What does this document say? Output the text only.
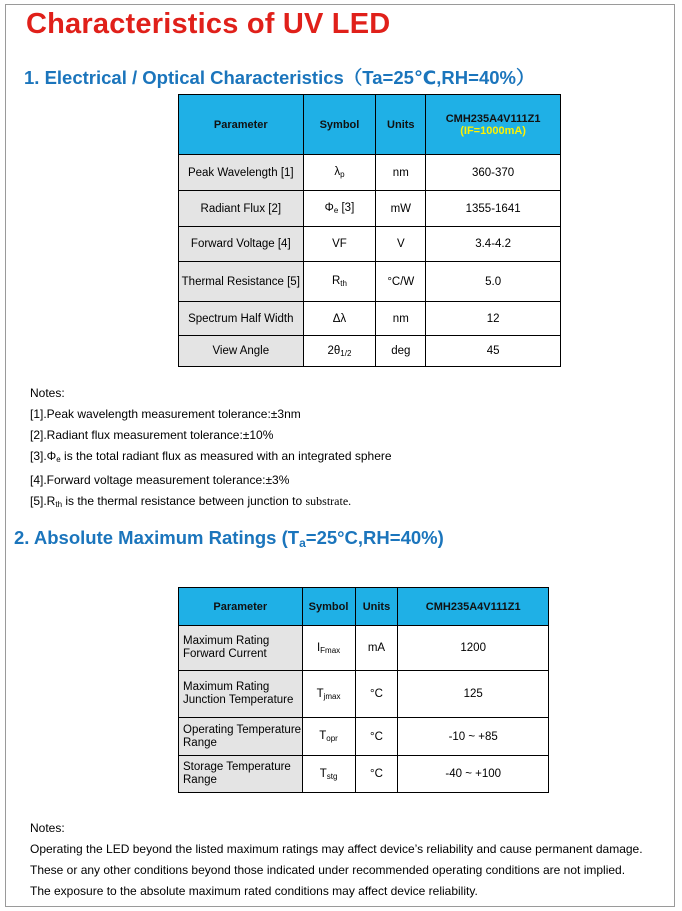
Characteristics of UV LED
1. Electrical / Optical Characteristics（Ta=25℃,RH=40%）
Parameter	Symbol	Units	CMH235A4V111Z1
(IF=1000mA)

Peak Wavelength [1]	$\lambda_p$	nm	360-370
Radiant Flux [2]	$\Phi_e$ [3]	mW	1355-1641
Forward Voltage [4]	VF	V	3.4-4.2
Thermal Resistance [5]	$R_{th}$	°C/W	5.0
Spectrum Half Width	Δλ	nm	12
View Angle	$2\theta_{1/2}$	deg	45

Notes:

[1].Peak wavelength measurement tolerance:±3nm

[2].Radiant flux measurement tolerance:±10%

$[3].\Phi_e$ is the total radiant flux as measured with an integrated sphere

[4].Forward voltage measurement tolerance:±3%

$[5].R_{th}$ is the thermal resistance between junction to substrate.

2. Absolute Maximum Ratings $(T_a=25^\circ C,RH=40\%)$
Parameter	Symbol	Units	CMH235A4V111Z1
Maximum Rating
Forward Current	$I_{Fmax}$	mA	1200
Maximum Rating
Junction Temperature	$T_{jmax}$	°C	125
Operating Temperature
Range	$T_{opr}$	°C	-10 ~ +85
Storage Temperature
Range	$T_{stg}$	°C	-40 ~ +100

Notes:

Operating the LED beyond the listed maximum ratings may affect device’s reliability and cause permanent damage.

These or any other conditions beyond those indicated under recommended operating conditions are not implied.

The exposure to the absolute maximum rated conditions may affect device reliability.
